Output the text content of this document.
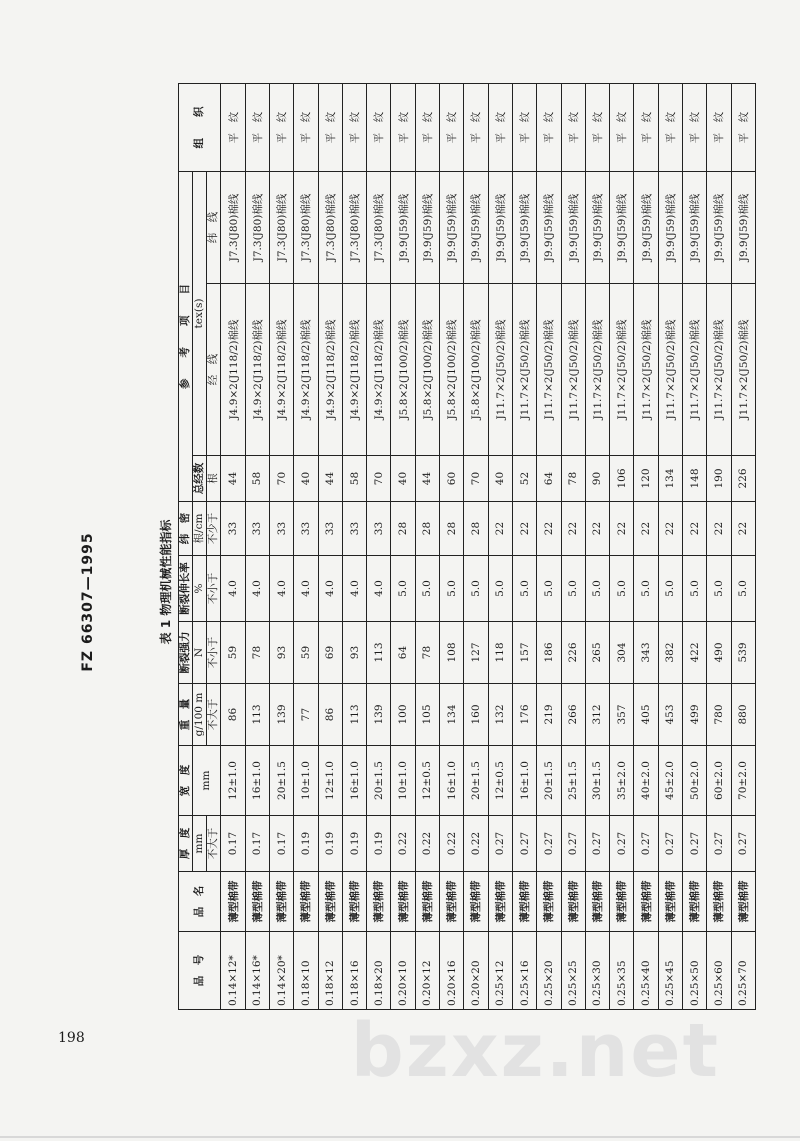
FZ 66307—1995	表 1 物理机械性能指标
品　号	品　名	厚　度	宽　度	重　量	断裂强力	断裂伸长率	纬　密	参　　考　　项　　目			组　　织
		mm	mm	g/100 m	N	%	根/cm	总经数	tex(s)		
		不大于		不大于	不小于	不小于	不少于		经　线	纬　线	
								根			
0.14×12*	薄型棉带	0.17	12±1.0	86	59	4.0	33	44	J4.9×2(J118/2)棉线	J7.3(J80)棉线	平　纹
0.14×16*	薄型棉带	0.17	16±1.0	113	78	4.0	33	58	J4.9×2(J118/2)棉线	J7.3(J80)棉线	平　纹
0.14×20*	薄型棉带	0.17	20±1.5	139	93	4.0	33	70	J4.9×2(J118/2)棉线	J7.3(J80)棉线	平　纹
0.18×10	薄型棉带	0.19	10±1.0	77	59	4.0	33	40	J4.9×2(J118/2)棉线	J7.3(J80)棉线	平　纹
0.18×12	薄型棉带	0.19	12±1.0	86	69	4.0	33	44	J4.9×2(J118/2)棉线	J7.3(J80)棉线	平　纹
0.18×16	薄型棉带	0.19	16±1.0	113	93	4.0	33	58	J4.9×2(J118/2)棉线	J7.3(J80)棉线	平　纹
0.18×20	薄型棉带	0.19	20±1.5	139	113	4.0	33	70	J4.9×2(J118/2)棉线	J7.3(J80)棉线	平　纹
0.20×10	薄型棉带	0.22	10±1.0	100	64	5.0	28	40	J5.8×2(J100/2)棉线	J9.9(J59)棉线	平　纹
0.20×12	薄型棉带	0.22	12±0.5	105	78	5.0	28	44	J5.8×2(J100/2)棉线	J9.9(J59)棉线	平　纹
0.20×16	薄型棉带	0.22	16±1.0	134	108	5.0	28	60	J5.8×2(J100/2)棉线	J9.9(J59)棉线	平　纹
0.20×20	薄型棉带	0.22	20±1.5	160	127	5.0	28	70	J5.8×2(J100/2)棉线	J9.9(J59)棉线	平　纹
0.25×12	薄型棉带	0.27	12±0.5	132	118	5.0	22	40	J11.7×2(J50/2)棉线	J9.9(J59)棉线	平　纹
0.25×16	薄型棉带	0.27	16±1.0	176	157	5.0	22	52	J11.7×2(J50/2)棉线	J9.9(J59)棉线	平　纹
0.25×20	薄型棉带	0.27	20±1.5	219	186	5.0	22	64	J11.7×2(J50/2)棉线	J9.9(J59)棉线	平　纹
0.25×25	薄型棉带	0.27	25±1.5	266	226	5.0	22	78	J11.7×2(J50/2)棉线	J9.9(J59)棉线	平　纹
0.25×30	薄型棉带	0.27	30±1.5	312	265	5.0	22	90	J11.7×2(J50/2)棉线	J9.9(J59)棉线	平　纹
0.25×35	薄型棉带	0.27	35±2.0	357	304	5.0	22	106	J11.7×2(J50/2)棉线	J9.9(J59)棉线	平　纹
0.25×40	薄型棉带	0.27	40±2.0	405	343	5.0	22	120	J11.7×2(J50/2)棉线	J9.9(J59)棉线	平　纹
0.25×45	薄型棉带	0.27	45±2.0	453	382	5.0	22	134	J11.7×2(J50/2)棉线	J9.9(J59)棉线	平　纹
0.25×50	薄型棉带	0.27	50±2.0	499	422	5.0	22	148	J11.7×2(J50/2)棉线	J9.9(J59)棉线	平　纹
0.25×60	薄型棉带	0.27	60±2.0	780	490	5.0	22	190	J11.7×2(J50/2)棉线	J9.9(J59)棉线	平　纹
0.25×70	薄型棉带	0.27	70±2.0	880	539	5.0	22	226	J11.7×2(J50/2)棉线	J9.9(J59)棉线	平　纹
198	bzxz.net
